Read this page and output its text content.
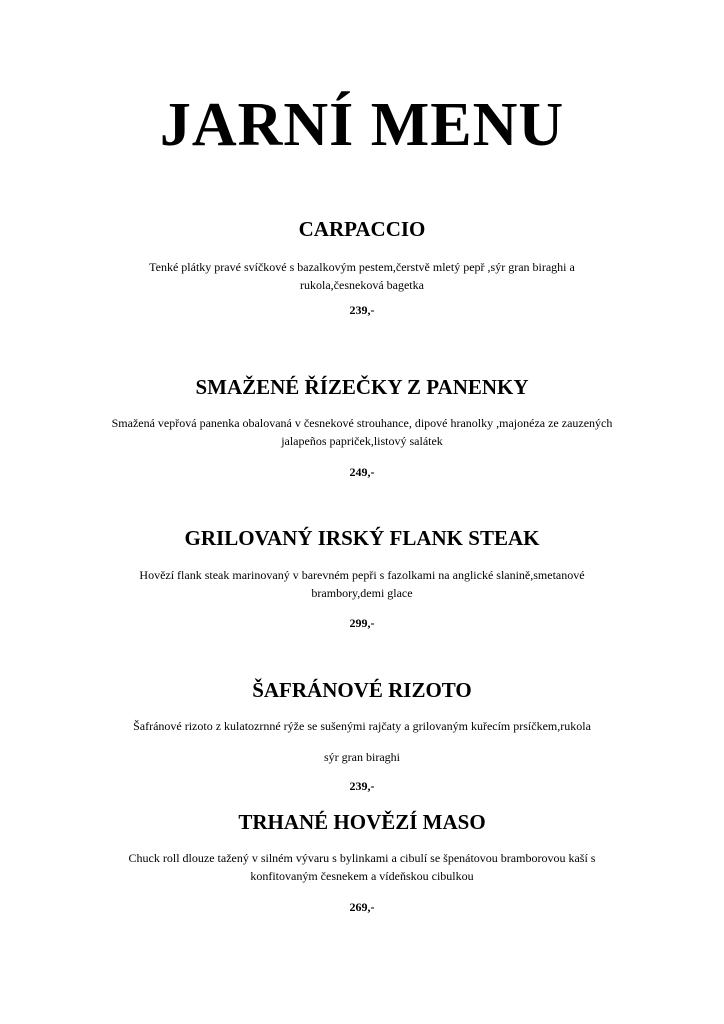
JARNÍ MENU
CARPACCIO
Tenké plátky pravé svíčkové s bazalkovým pestem,čerstvě mletý pepř ,sýr gran biraghi a rukola,česneková bagetka
239,-
SMAŽENÉ ŘÍZEČKY Z PANENKY
Smažená vepřová panenka obalovaná v česnekové strouhance, dipové hranolky ,majonéza ze zauzených jalapeños papriček,listový salátek
249,-
GRILOVANÝ IRSKÝ FLANK STEAK
Hovězí flank steak marinovaný v barevném pepři s fazolkami na anglické slanině,smetanové brambory,demi glace
299,-
ŠAFRÁNOVÉ RIZOTO
Šafránové rizoto z kulatozrnné rýže se sušenými rajčaty a grilovaným kuřecím prsíčkem,rukola
sýr gran biraghi
239,-
TRHANÉ HOVĚZÍ MASO
Chuck roll dlouze tažený v silném vývaru s bylinkami a cibulí se špenátovou bramborovou kaší s konfitovaným česnekem a vídeňskou cibulkou
269,-
